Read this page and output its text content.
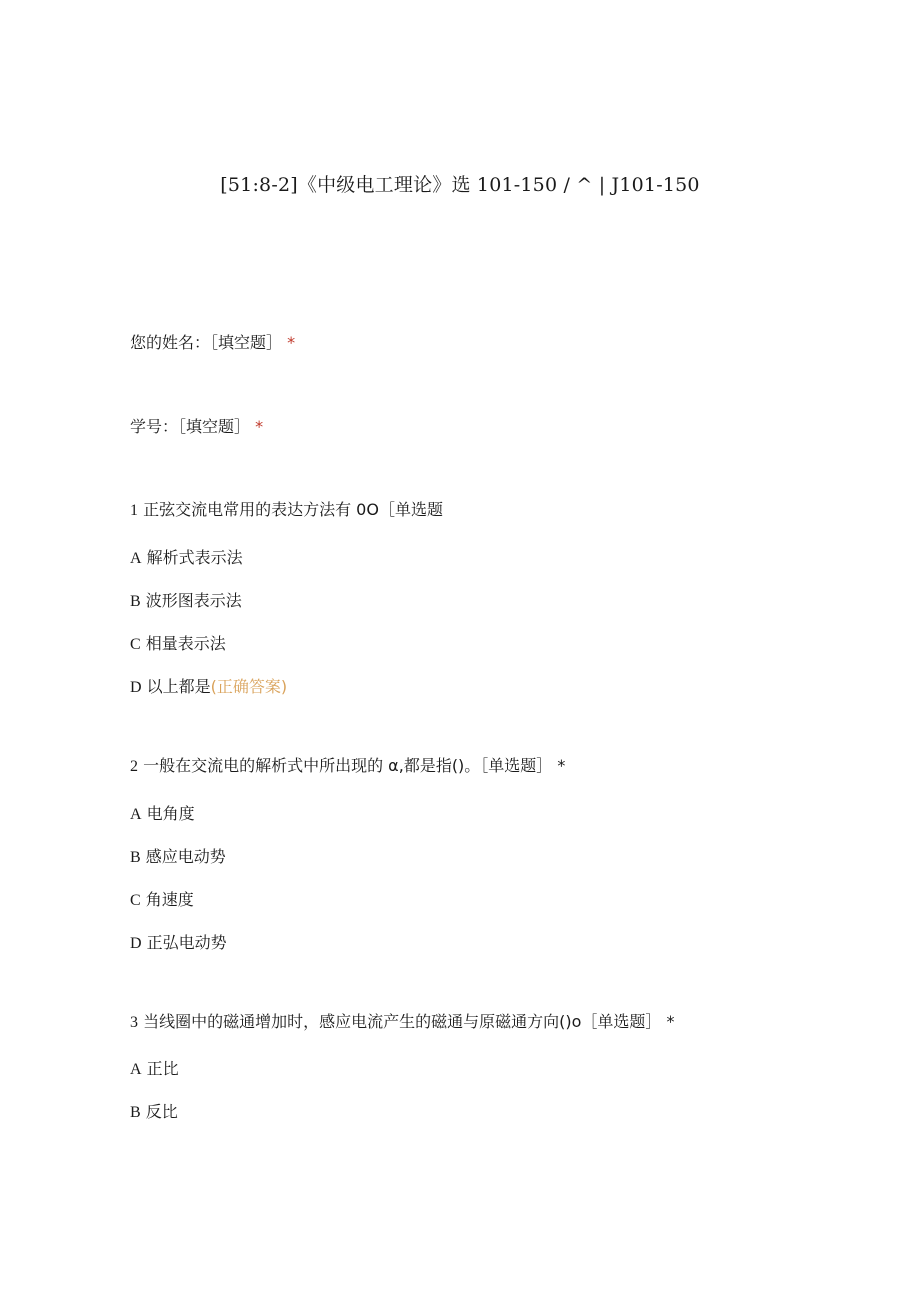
[51:8-2]《中级电工理论》选 101-150 / ^ | J101-150
您的姓名：［填空题］ *
学号：［填空题］ *
1 正弦交流电常用的表达方法有 0O［单选题
A 解析式表示法
B 波形图表示法
C 相量表示法
D 以上都是(正确答案)
2 一般在交流电的解析式中所出现的 α,都是指()。［单选题］ *
A 电角度
B 感应电动势
C 角速度
D 正弘电动势
3 当线圈中的磁通增加时，感应电流产生的磁通与原磁通方向()o［单选题］ *
A 正比
B 反比
